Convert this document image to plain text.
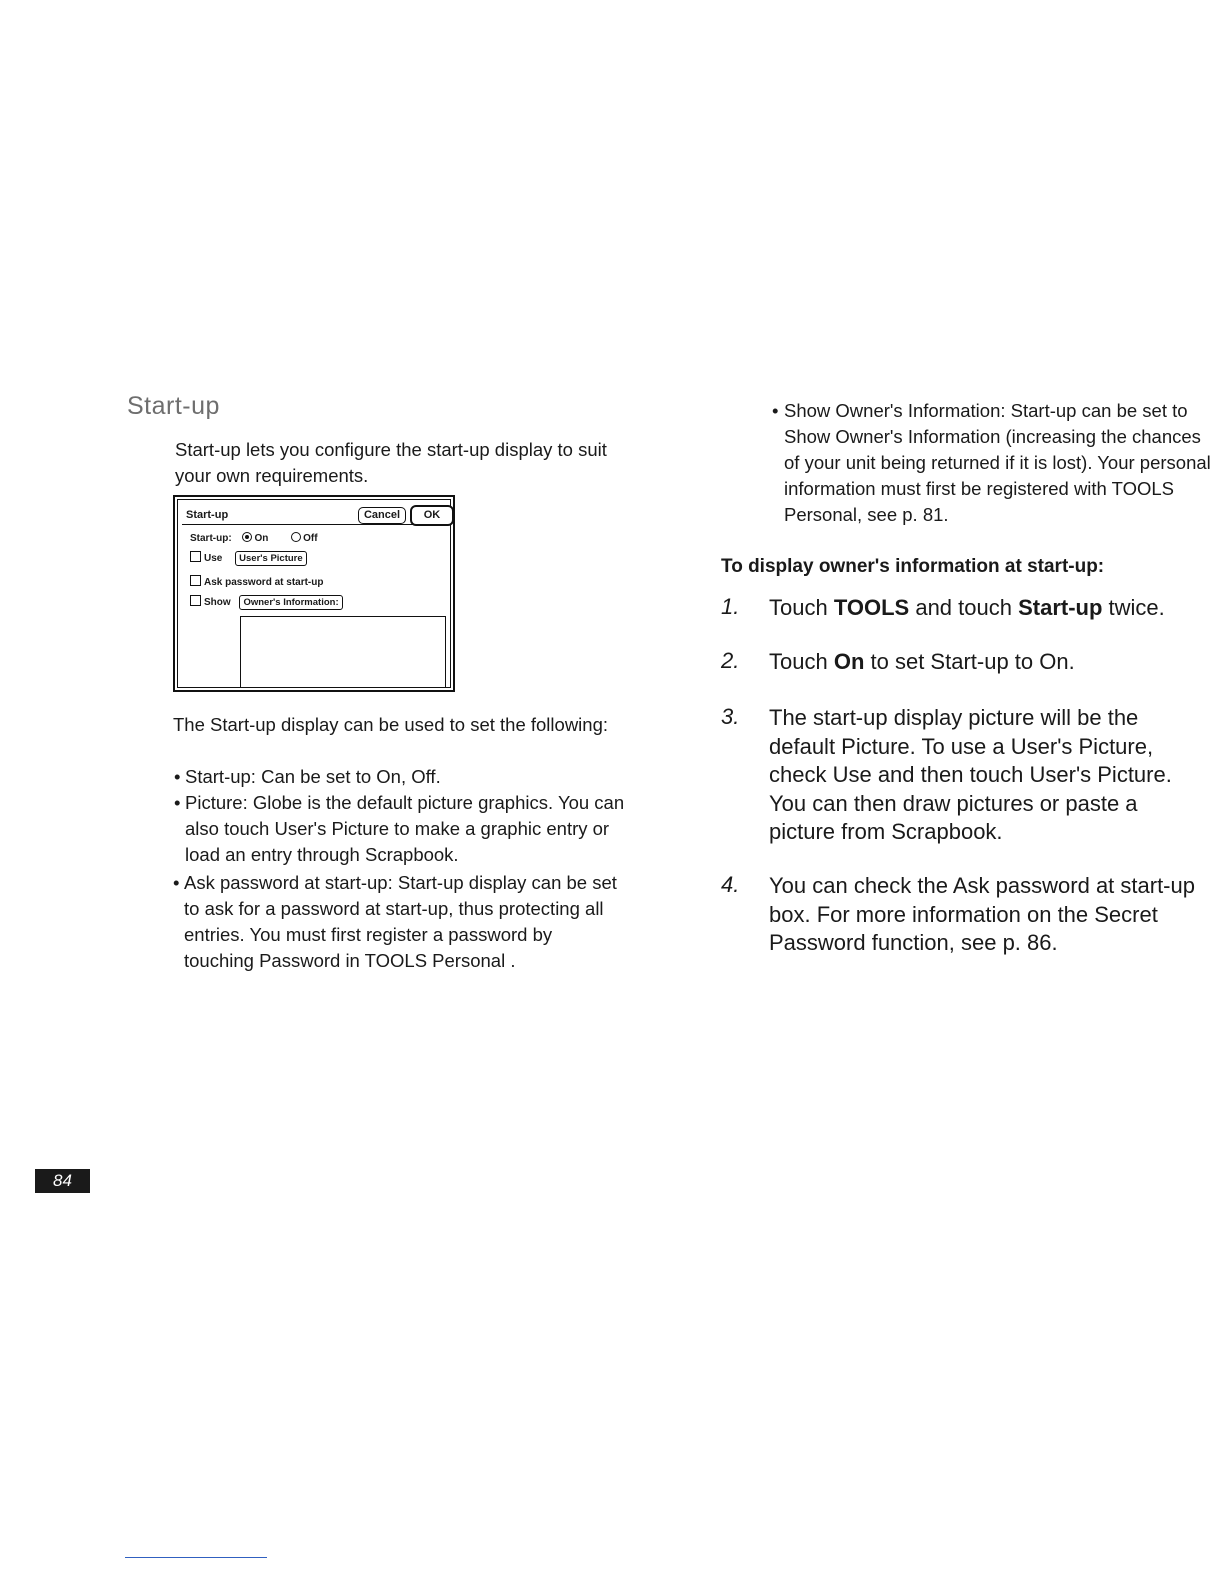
Start-up
Start-up lets you configure the start-up display to suit your own requirements.
Start-up	Cancel	OK
Start-up: On	Off
Use User's Picture
Ask password at start-up
Show Owner's Information:
The Start-up display can be used to set the following:
• Start-up: Can be set to On, Off.
• Picture: Globe is the default picture graphics. You can also touch User's Picture to make a graphic entry or load an entry through Scrapbook.
• Ask password at start-up: Start-up display can be set to ask for a password at start-up, thus protecting all entries. You must first register a password by touching Password in TOOLS Personal .
• Show Owner's Information: Start-up can be set to Show Owner's Information (increasing the chances of your unit being returned if it is lost). Your personal information must first be registered with TOOLS Personal, see p. 81.
To display owner's information at start-up:
1. Touch TOOLS and touch Start-up twice.
2. Touch On to set Start-up to On.
3. The start-up display picture will be the default Picture. To use a User's Picture, check Use and then touch User's Picture. You can then draw pictures or paste a picture from Scrapbook.
4. You can check the Ask password at start-up box. For more information on the Secret Password function, see p. 86.
84
